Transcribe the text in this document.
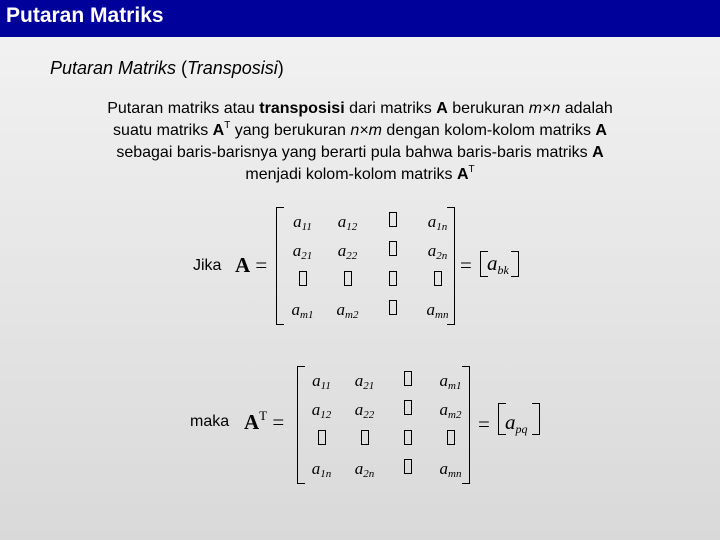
Putaran Matriks
Putaran Matriks (Transposisi)
Putaran matriks atau transposisi dari matriks A berukuran m×n adalah suatu matriks $A^T$ yang berukuran n×m dengan kolom-kolom matriks A sebagai baris-barisnya yang berarti pula bahwa baris-baris matriks A menjadi kolom-kolom matriks $A^T$
Jika A =
$a_{11}$ $a_{12}$	$a_{1n}$
$a_{21}$ $a_{22}$	$a_{2n}$
$a_{m1}$ $a_{m2}$	$a_{mn}$
= $a_{bk}$
maka $A^T$ =
$a_{11}$ $a_{21}$	$a_{m1}$
$a_{12}$ $a_{22}$	$a_{m2}$
$a_{1n}$ $a_{2n}$	$a_{mn}$
= $a_{pq}$
